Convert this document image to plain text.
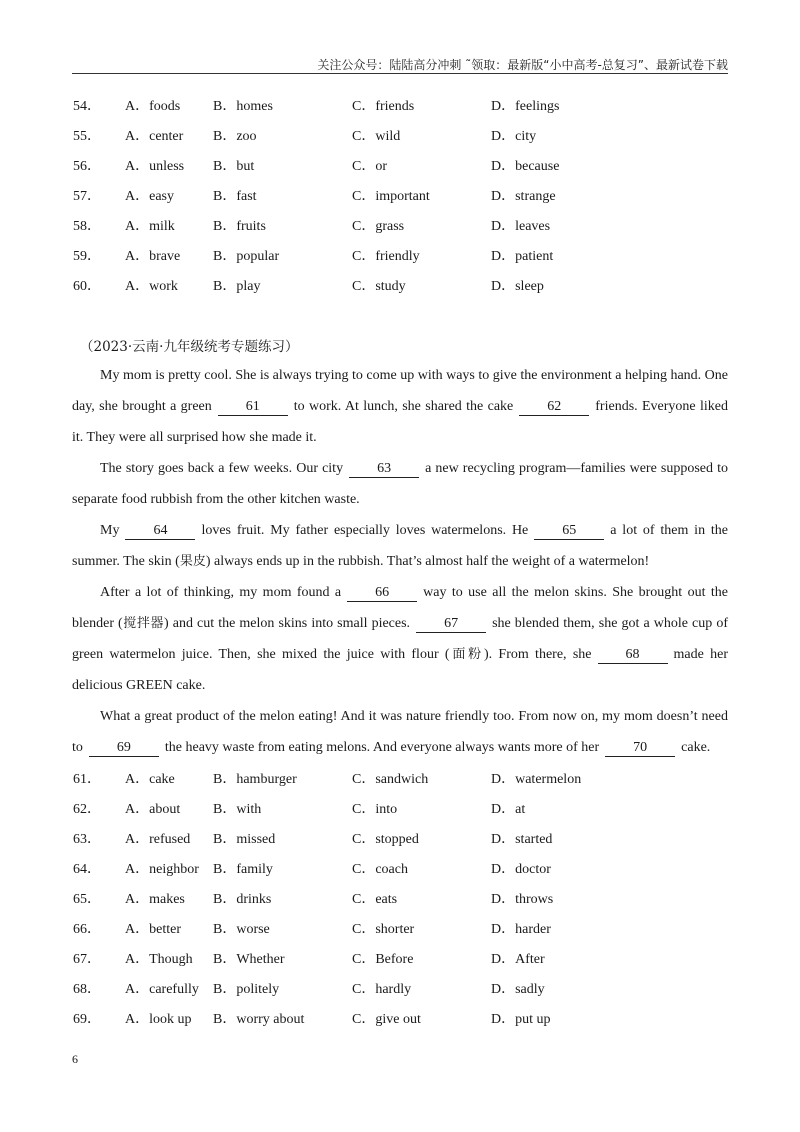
关注公众号：陆陆高分冲刺 ˜领取：最新版“小中高考-总复习”、最新试卷下载
54． A．foods B．homes	C．friends	D．feelings
55． A．center B．zoo	C．wild	D．city
56． A．unless B．but	C．or	D．because
57． A．easy	B．fast	C．important	D．strange
58． A．milk	B．fruits	C．grass	D．leaves
59． A．brave B．popular	C．friendly	D．patient
60． A．work	B．play	C．study	D．sleep
（2023·云南·九年级统考专题练习）

My mom is pretty cool. She is always trying to come up with ways to give the environment a helping hand. One day, she brought a green 61 to work. At lunch, she shared the cake 62 friends. Everyone liked it. They were all surprised how she made it.

The story goes back a few weeks. Our city 63 a new recycling program—families were supposed to separate food rubbish from the other kitchen waste.

My 64 loves fruit. My father especially loves watermelons. He 65 a lot of them in the summer. The skin (果皮) always ends up in the rubbish. That’s almost half the weight of a watermelon!

After a lot of thinking, my mom found a 66 way to use all the melon skins. She brought out the blender (搅拌器) and cut the melon skins into small pieces. 67 she blended them, she got a whole cup of green watermelon juice. Then, she mixed the juice with flour (面粉). From there, she 68 made her delicious GREEN cake.

What a great product of the melon eating! And it was nature friendly too. From now on, my mom doesn’t need to 69 the heavy waste from eating melons. And everyone always wants more of her 70 cake.

61． A．cake	B．hamburger	C．sandwich	D．watermelon
62． A．about B．with	C．into	D．at
63． A．refused B．missed	C．stopped	D．started
64． A．neighbor B．family	C．coach	D．doctor
65． A．makes B．drinks	C．eats	D．throws
66． A．better B．worse	C．shorter	D．harder
67． A．Though B．Whether	C．Before	D．After
68． A．carefully B．politely	C．hardly	D．sadly
69． A．look up B．worry about	C．give out	D．put up
6
